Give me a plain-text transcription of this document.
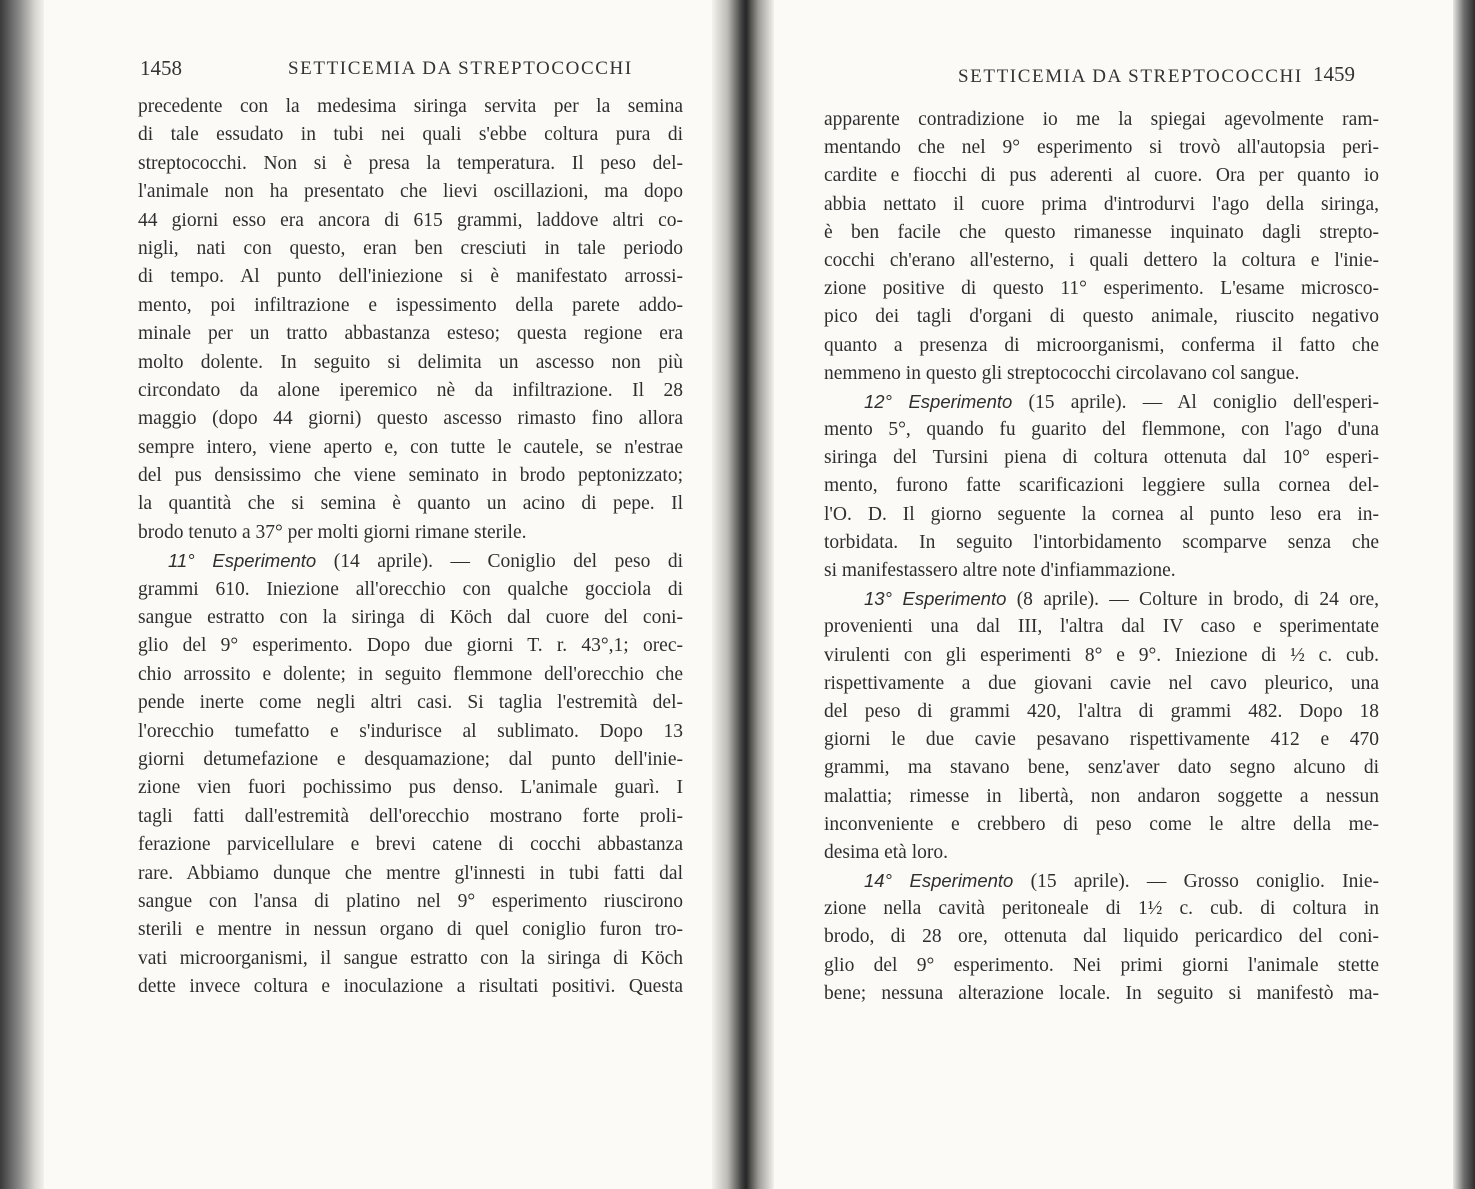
1458	SETTICEMIA DA STREPTOCOCCHI
precedente con la medesima siringa servita per la semina
di tale essudato in tubi nei quali s'ebbe coltura pura di
streptococchi. Non si è presa la temperatura. Il peso del-
l'animale non ha presentato che lievi oscillazioni, ma dopo
44 giorni esso era ancora di 615 grammi, laddove altri co-
nigli, nati con questo, eran ben cresciuti in tale periodo
di tempo. Al punto dell'iniezione si è manifestato arrossi-
mento, poi infiltrazione e ispessimento della parete addo-
minale per un tratto abbastanza esteso; questa regione era
molto dolente. In seguito si delimita un ascesso non più
circondato da alone iperemico nè da infiltrazione. Il 28
maggio (dopo 44 giorni) questo ascesso rimasto fino allora
sempre intero, viene aperto e, con tutte le cautele, se n'estrae
del pus densissimo che viene seminato in brodo peptonizzato;
la quantità che si semina è quanto un acino di pepe. Il
brodo tenuto a 37° per molti giorni rimane sterile.
11° Esperimento (14 aprile). — Coniglio del peso di
grammi 610. Iniezione all'orecchio con qualche gocciola di
sangue estratto con la siringa di Köch dal cuore del coni-
glio del 9° esperimento. Dopo due giorni T. r. 43°,1; orec-
chio arrossito e dolente; in seguito flemmone dell'orecchio che
pende inerte come negli altri casi. Si taglia l'estremità del-
l'orecchio tumefatto e s'indurisce al sublimato. Dopo 13
giorni detumefazione e desquamazione; dal punto dell'inie-
zione vien fuori pochissimo pus denso. L'animale guarì. I
tagli fatti dall'estremità dell'orecchio mostrano forte proli-
ferazione parvicellulare e brevi catene di cocchi abbastanza
rare. Abbiamo dunque che mentre gl'innesti in tubi fatti dal
sangue con l'ansa di platino nel 9° esperimento riuscirono
sterili e mentre in nessun organo di quel coniglio furon tro-
vati microorganismi, il sangue estratto con la siringa di Köch
dette invece coltura e inoculazione a risultati positivi. Questa
SETTICEMIA DA STREPTOCOCCHI 1459
apparente contradizione io me la spiegai agevolmente ram-
mentando che nel 9° esperimento si trovò all'autopsia peri-
cardite e fiocchi di pus aderenti al cuore. Ora per quanto io
abbia nettato il cuore prima d'introdurvi l'ago della siringa,
è ben facile che questo rimanesse inquinato dagli strepto-
cocchi ch'erano all'esterno, i quali dettero la coltura e l'inie-
zione positive di questo 11° esperimento. L'esame microsco-
pico dei tagli d'organi di questo animale, riuscito negativo
quanto a presenza di microorganismi, conferma il fatto che
nemmeno in questo gli streptococchi circolavano col sangue.
12° Esperimento (15 aprile). — Al coniglio dell'esperi-
mento 5°, quando fu guarito del flemmone, con l'ago d'una
siringa del Tursini piena di coltura ottenuta dal 10° esperi-
mento, furono fatte scarificazioni leggiere sulla cornea del-
l'O. D. Il giorno seguente la cornea al punto leso era in-
torbidata. In seguito l'intorbidamento scomparve senza che
si manifestassero altre note d'infiammazione.
13° Esperimento (8 aprile). — Colture in brodo, di 24 ore,
provenienti una dal III, l'altra dal IV caso e sperimentate
virulenti con gli esperimenti 8° e 9°. Iniezione di ½ c. cub.
rispettivamente a due giovani cavie nel cavo pleurico, una
del peso di grammi 420, l'altra di grammi 482. Dopo 18
giorni le due cavie pesavano rispettivamente 412 e 470
grammi, ma stavano bene, senz'aver dato segno alcuno di
malattia; rimesse in libertà, non andaron soggette a nessun
inconveniente e crebbero di peso come le altre della me-
desima età loro.
14° Esperimento (15 aprile). — Grosso coniglio. Inie-
zione nella cavità peritoneale di 1½ c. cub. di coltura in
brodo, di 28 ore, ottenuta dal liquido pericardico del coni-
glio del 9° esperimento. Nei primi giorni l'animale stette
bene; nessuna alterazione locale. In seguito si manifestò ma-
